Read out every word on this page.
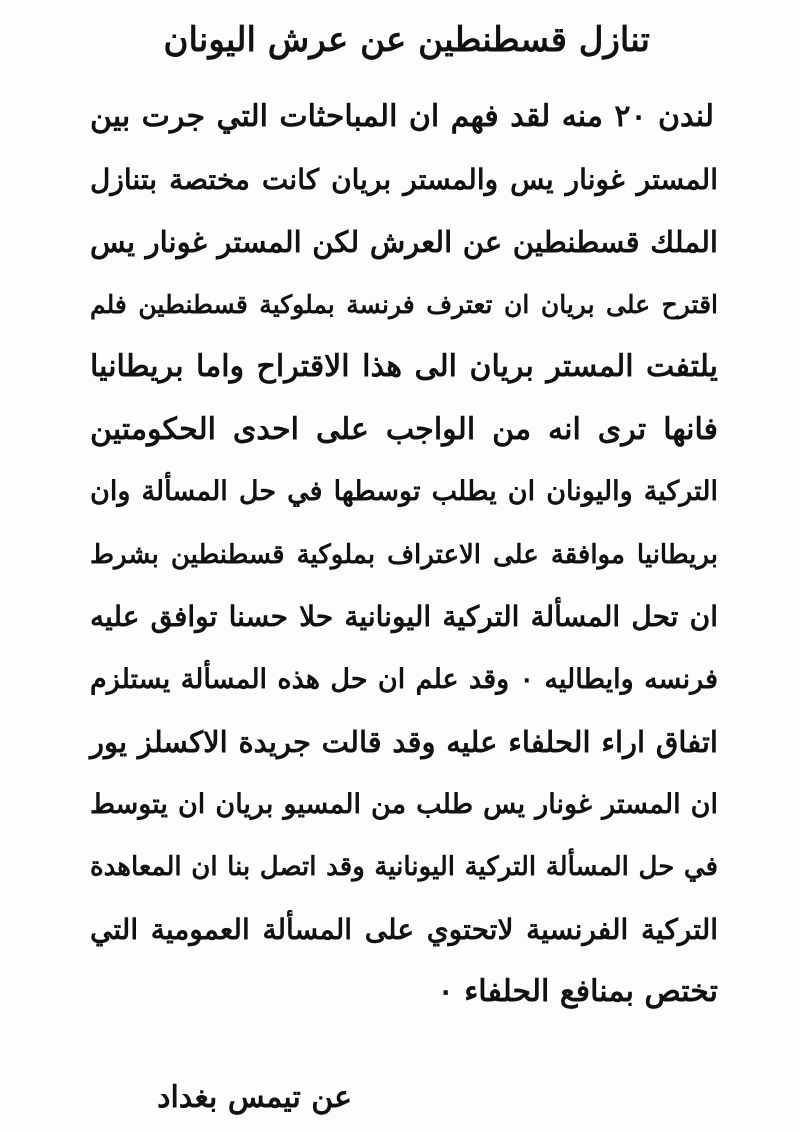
تنازل قسطنطين عن عرش اليونان
لندن ٢٠ منه لقد فهم ان المباحثات التي جرت بين
المستر غونار يس والمستر بريان كانت مختصة بتنازل
الملك قسطنطين عن العرش لكن المستر غونار يس
اقترح على بريان ان تعترف فرنسة بملوكية قسطنطين فلم
يلتفت المستر بريان الى هذا الاقتراح واما بريطانيا
فانها ترى انه من الواجب على احدى الحكومتين
التركية واليونان ان يطلب توسطها في حل المسألة وان
بريطانيا موافقة على الاعتراف بملوكية قسطنطين بشرط
ان تحل المسألة التركية اليونانية حلا حسنا توافق عليه
فرنسه وايطاليه ٠ وقد علم ان حل هذه المسألة يستلزم
اتفاق اراء الحلفاء عليه وقد قالت جريدة الاكسلز يور
ان المستر غونار يس طلب من المسيو بريان ان يتوسط
في حل المسألة التركية اليونانية وقد اتصل بنا ان المعاهدة
التركية الفرنسية لاتحتوي على المسألة العمومية التي
تختص بمنافع الحلفاء ٠
عن تيمس بغداد
